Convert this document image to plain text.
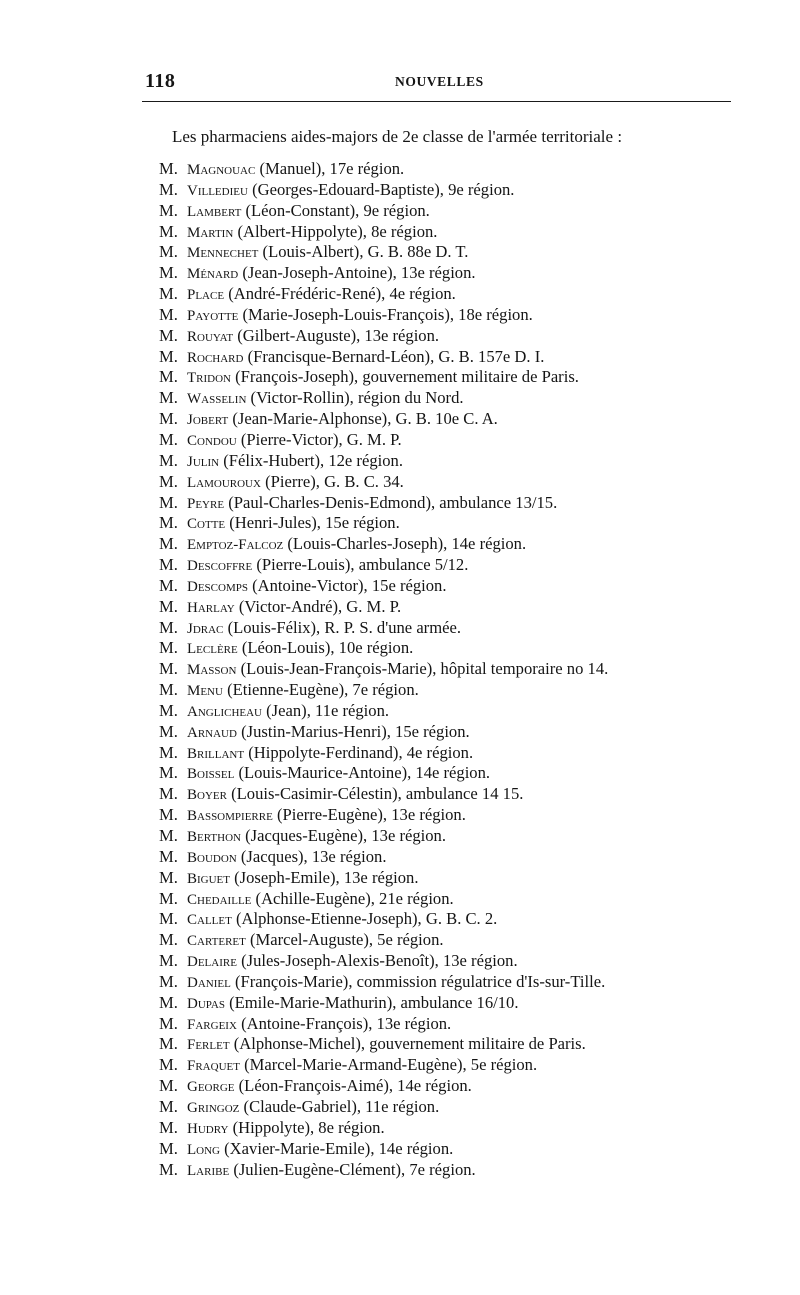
118	NOUVELLES
Les pharmaciens aides-majors de 2e classe de l'armée territoriale :
M. Magnouac (Manuel), 17e région.
M. Villedieu (Georges-Edouard-Baptiste), 9e région.
M. Lambert (Léon-Constant), 9e région.
M. Martin (Albert-Hippolyte), 8e région.
M. Mennechet (Louis-Albert), G. B. 88e D. T.
M. Ménard (Jean-Joseph-Antoine), 13e région.
M. Place (André-Frédéric-René), 4e région.
M. Payotte (Marie-Joseph-Louis-François), 18e région.
M. Rouyat (Gilbert-Auguste), 13e région.
M. Rochard (Francisque-Bernard-Léon), G. B. 157e D. I.
M. Tridon (François-Joseph), gouvernement militaire de Paris.
M. Wasselin (Victor-Rollin), région du Nord.
M. Jobert (Jean-Marie-Alphonse), G. B. 10e C. A.
M. Condou (Pierre-Victor), G. M. P.
M. Julin (Félix-Hubert), 12e région.
M. Lamouroux (Pierre), G. B. C. 34.
M. Peyre (Paul-Charles-Denis-Edmond), ambulance 13/15.
M. Cotte (Henri-Jules), 15e région.
M. Emptoz-Falcoz (Louis-Charles-Joseph), 14e région.
M. Descoffre (Pierre-Louis), ambulance 5/12.
M. Descomps (Antoine-Victor), 15e région.
M. Harlay (Victor-André), G. M. P.
M. Jdrac (Louis-Félix), R. P. S. d'une armée.
M. Leclère (Léon-Louis), 10e région.
M. Masson (Louis-Jean-François-Marie), hôpital temporaire no 14.
M. Menu (Etienne-Eugène), 7e région.
M. Anglicheau (Jean), 11e région.
M. Arnaud (Justin-Marius-Henri), 15e région.
M. Brillant (Hippolyte-Ferdinand), 4e région.
M. Boissel (Louis-Maurice-Antoine), 14e région.
M. Boyer (Louis-Casimir-Célestin), ambulance 14 15.
M. Bassompierre (Pierre-Eugène), 13e région.
M. Berthon (Jacques-Eugène), 13e région.
M. Boudon (Jacques), 13e région.
M. Biguet (Joseph-Emile), 13e région.
M. Chedaille (Achille-Eugène), 21e région.
M. Callet (Alphonse-Etienne-Joseph), G. B. C. 2.
M. Carteret (Marcel-Auguste), 5e région.
M. Delaire (Jules-Joseph-Alexis-Benoît), 13e région.
M. Daniel (François-Marie), commission régulatrice d'Is-sur-Tille.
M. Dupas (Emile-Marie-Mathurin), ambulance 16/10.
M. Fargeix (Antoine-François), 13e région.
M. Ferlet (Alphonse-Michel), gouvernement militaire de Paris.
M. Fraquet (Marcel-Marie-Armand-Eugène), 5e région.
M. George (Léon-François-Aimé), 14e région.
M. Gringoz (Claude-Gabriel), 11e région.
M. Hudry (Hippolyte), 8e région.
M. Long (Xavier-Marie-Emile), 14e région.
M. Laribe (Julien-Eugène-Clément), 7e région.
